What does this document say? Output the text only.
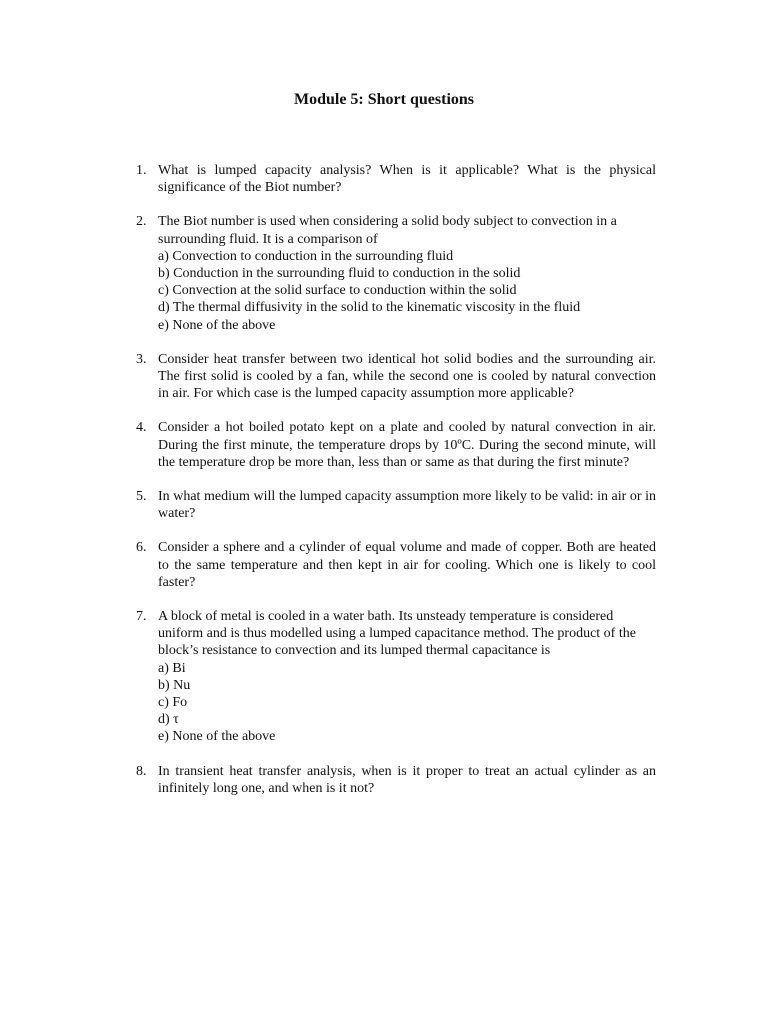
Module 5: Short questions
1. What is lumped capacity analysis? When is it applicable? What is the physical significance of the Biot number?
2. The Biot number is used when considering a solid body subject to convection in a surrounding fluid. It is a comparison of
a) Convection to conduction in the surrounding fluid
b) Conduction in the surrounding fluid to conduction in the solid
c) Convection at the solid surface to conduction within the solid
d) The thermal diffusivity in the solid to the kinematic viscosity in the fluid
e) None of the above
3. Consider heat transfer between two identical hot solid bodies and the surrounding air. The first solid is cooled by a fan, while the second one is cooled by natural convection in air. For which case is the lumped capacity assumption more applicable?
4. Consider a hot boiled potato kept on a plate and cooled by natural convection in air. During the first minute, the temperature drops by 10ºC. During the second minute, will the temperature drop be more than, less than or same as that during the first minute?
5. In what medium will the lumped capacity assumption more likely to be valid: in air or in water?
6. Consider a sphere and a cylinder of equal volume and made of copper. Both are heated to the same temperature and then kept in air for cooling. Which one is likely to cool faster?
7. A block of metal is cooled in a water bath. Its unsteady temperature is considered uniform and is thus modelled using a lumped capacitance method. The product of the block’s resistance to convection and its lumped thermal capacitance is
a) Bi
b) Nu
c) Fo
d) τ
e) None of the above
8. In transient heat transfer analysis, when is it proper to treat an actual cylinder as an infinitely long one, and when is it not?
